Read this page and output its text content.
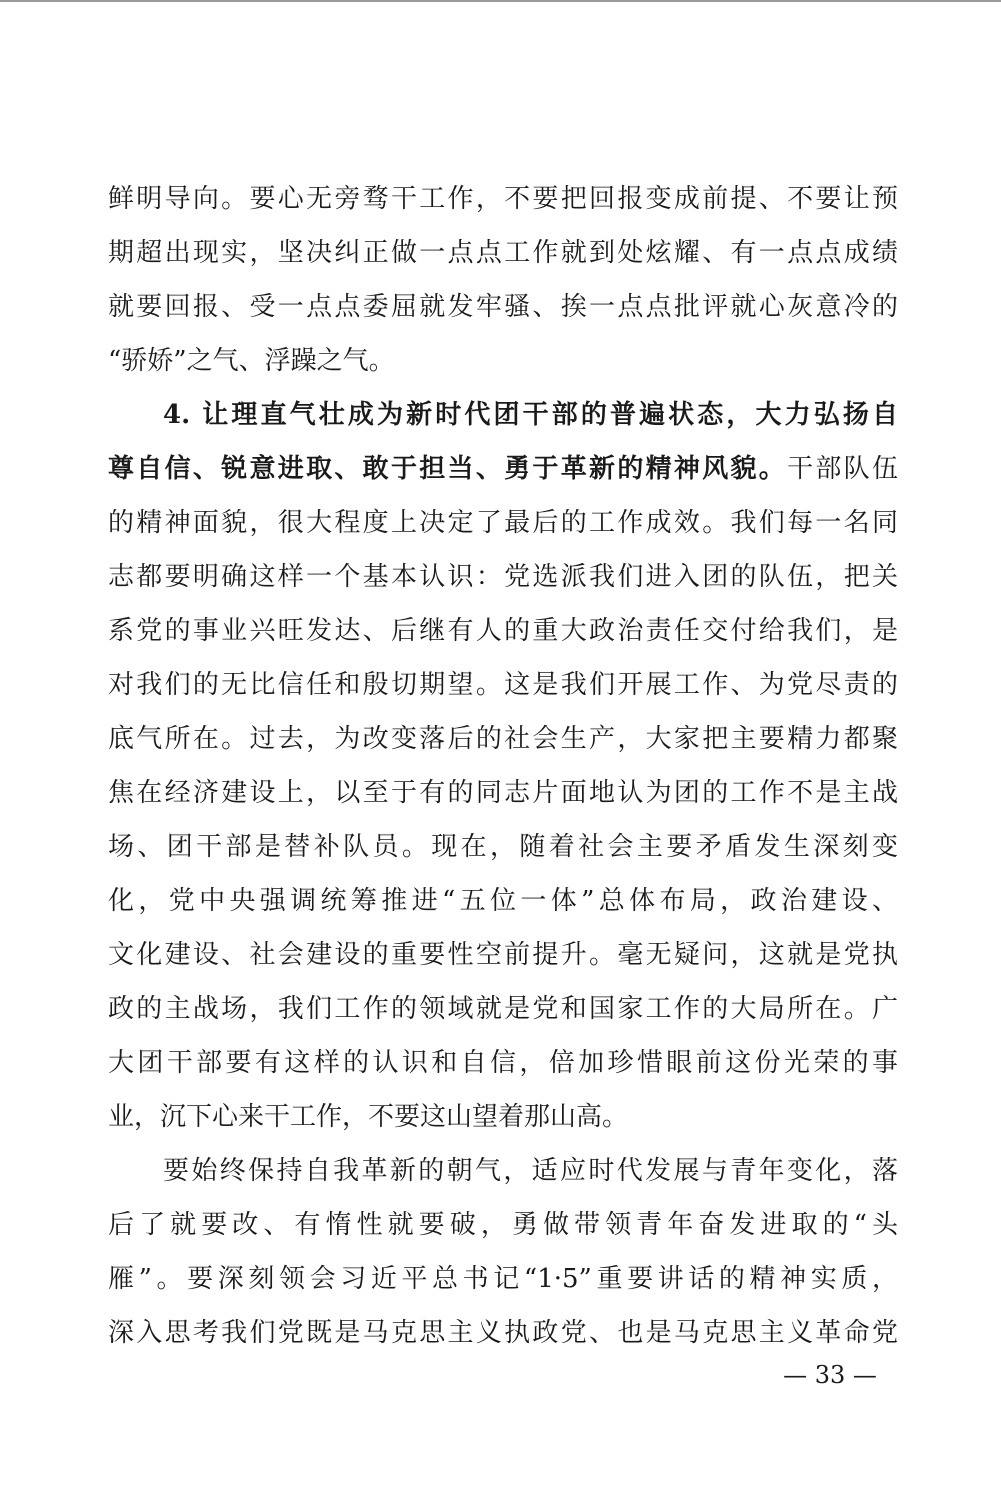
鲜明导向。要心无旁骛干工作，不要把回报变成前提、不要让预
期超出现实，坚决纠正做一点点工作就到处炫耀、有一点点成绩
就要回报、受一点点委屈就发牢骚、挨一点点批评就心灰意冷的
“骄娇”之气、浮躁之气。
4. 让理直气壮成为新时代团干部的普遍状态，大力弘扬自
尊自信、锐意进取、敢于担当、勇于革新的精神风貌。干部队伍
的精神面貌，很大程度上决定了最后的工作成效。我们每一名同
志都要明确这样一个基本认识：党选派我们进入团的队伍，把关
系党的事业兴旺发达、后继有人的重大政治责任交付给我们，是
对我们的无比信任和殷切期望。这是我们开展工作、为党尽责的
底气所在。过去，为改变落后的社会生产，大家把主要精力都聚
焦在经济建设上，以至于有的同志片面地认为团的工作不是主战
场、团干部是替补队员。现在，随着社会主要矛盾发生深刻变
化，党中央强调统筹推进“五位一体”总体布局，政治建设、
文化建设、社会建设的重要性空前提升。毫无疑问，这就是党执
政的主战场，我们工作的领域就是党和国家工作的大局所在。广
大团干部要有这样的认识和自信，倍加珍惜眼前这份光荣的事
业，沉下心来干工作，不要这山望着那山高。
要始终保持自我革新的朝气，适应时代发展与青年变化，落
后了就要改、有惰性就要破，勇做带领青年奋发进取的“头
雁”。要深刻领会习近平总书记“1·5”重要讲话的精神实质，
深入思考我们党既是马克思主义执政党、也是马克思主义革命党
— 33 —
